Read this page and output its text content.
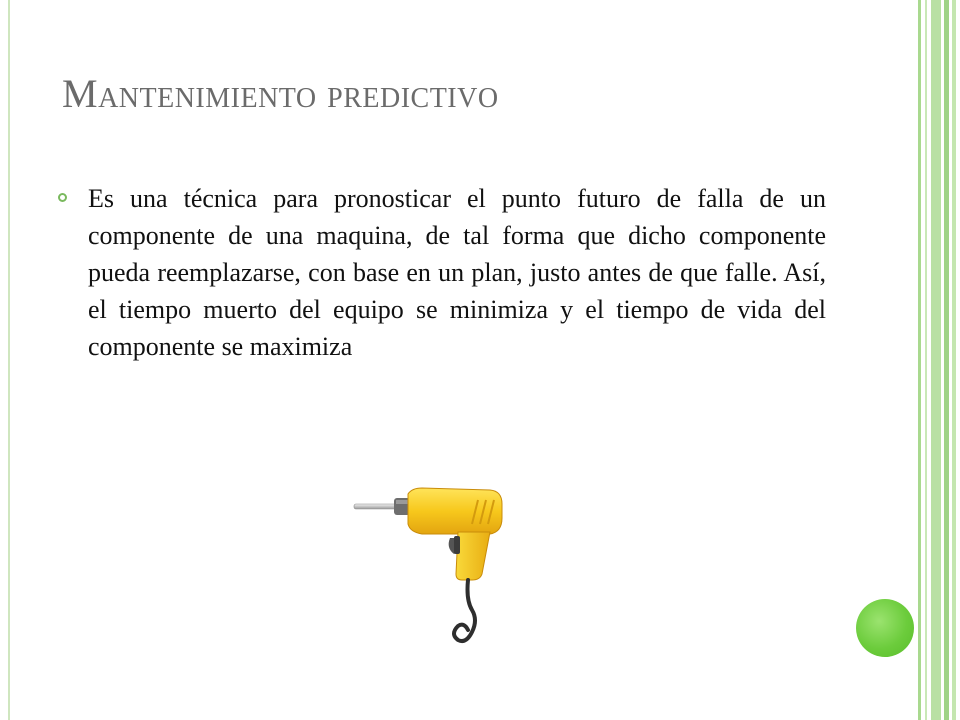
Mantenimiento predictivo

Es una técnica para pronosticar el punto futuro de falla de un componente de una maquina, de tal forma que dicho componente pueda reemplazarse, con base en un plan, justo antes de que falle. Así, el tiempo muerto del equipo se minimiza y el tiempo de vida del componente se maximiza
